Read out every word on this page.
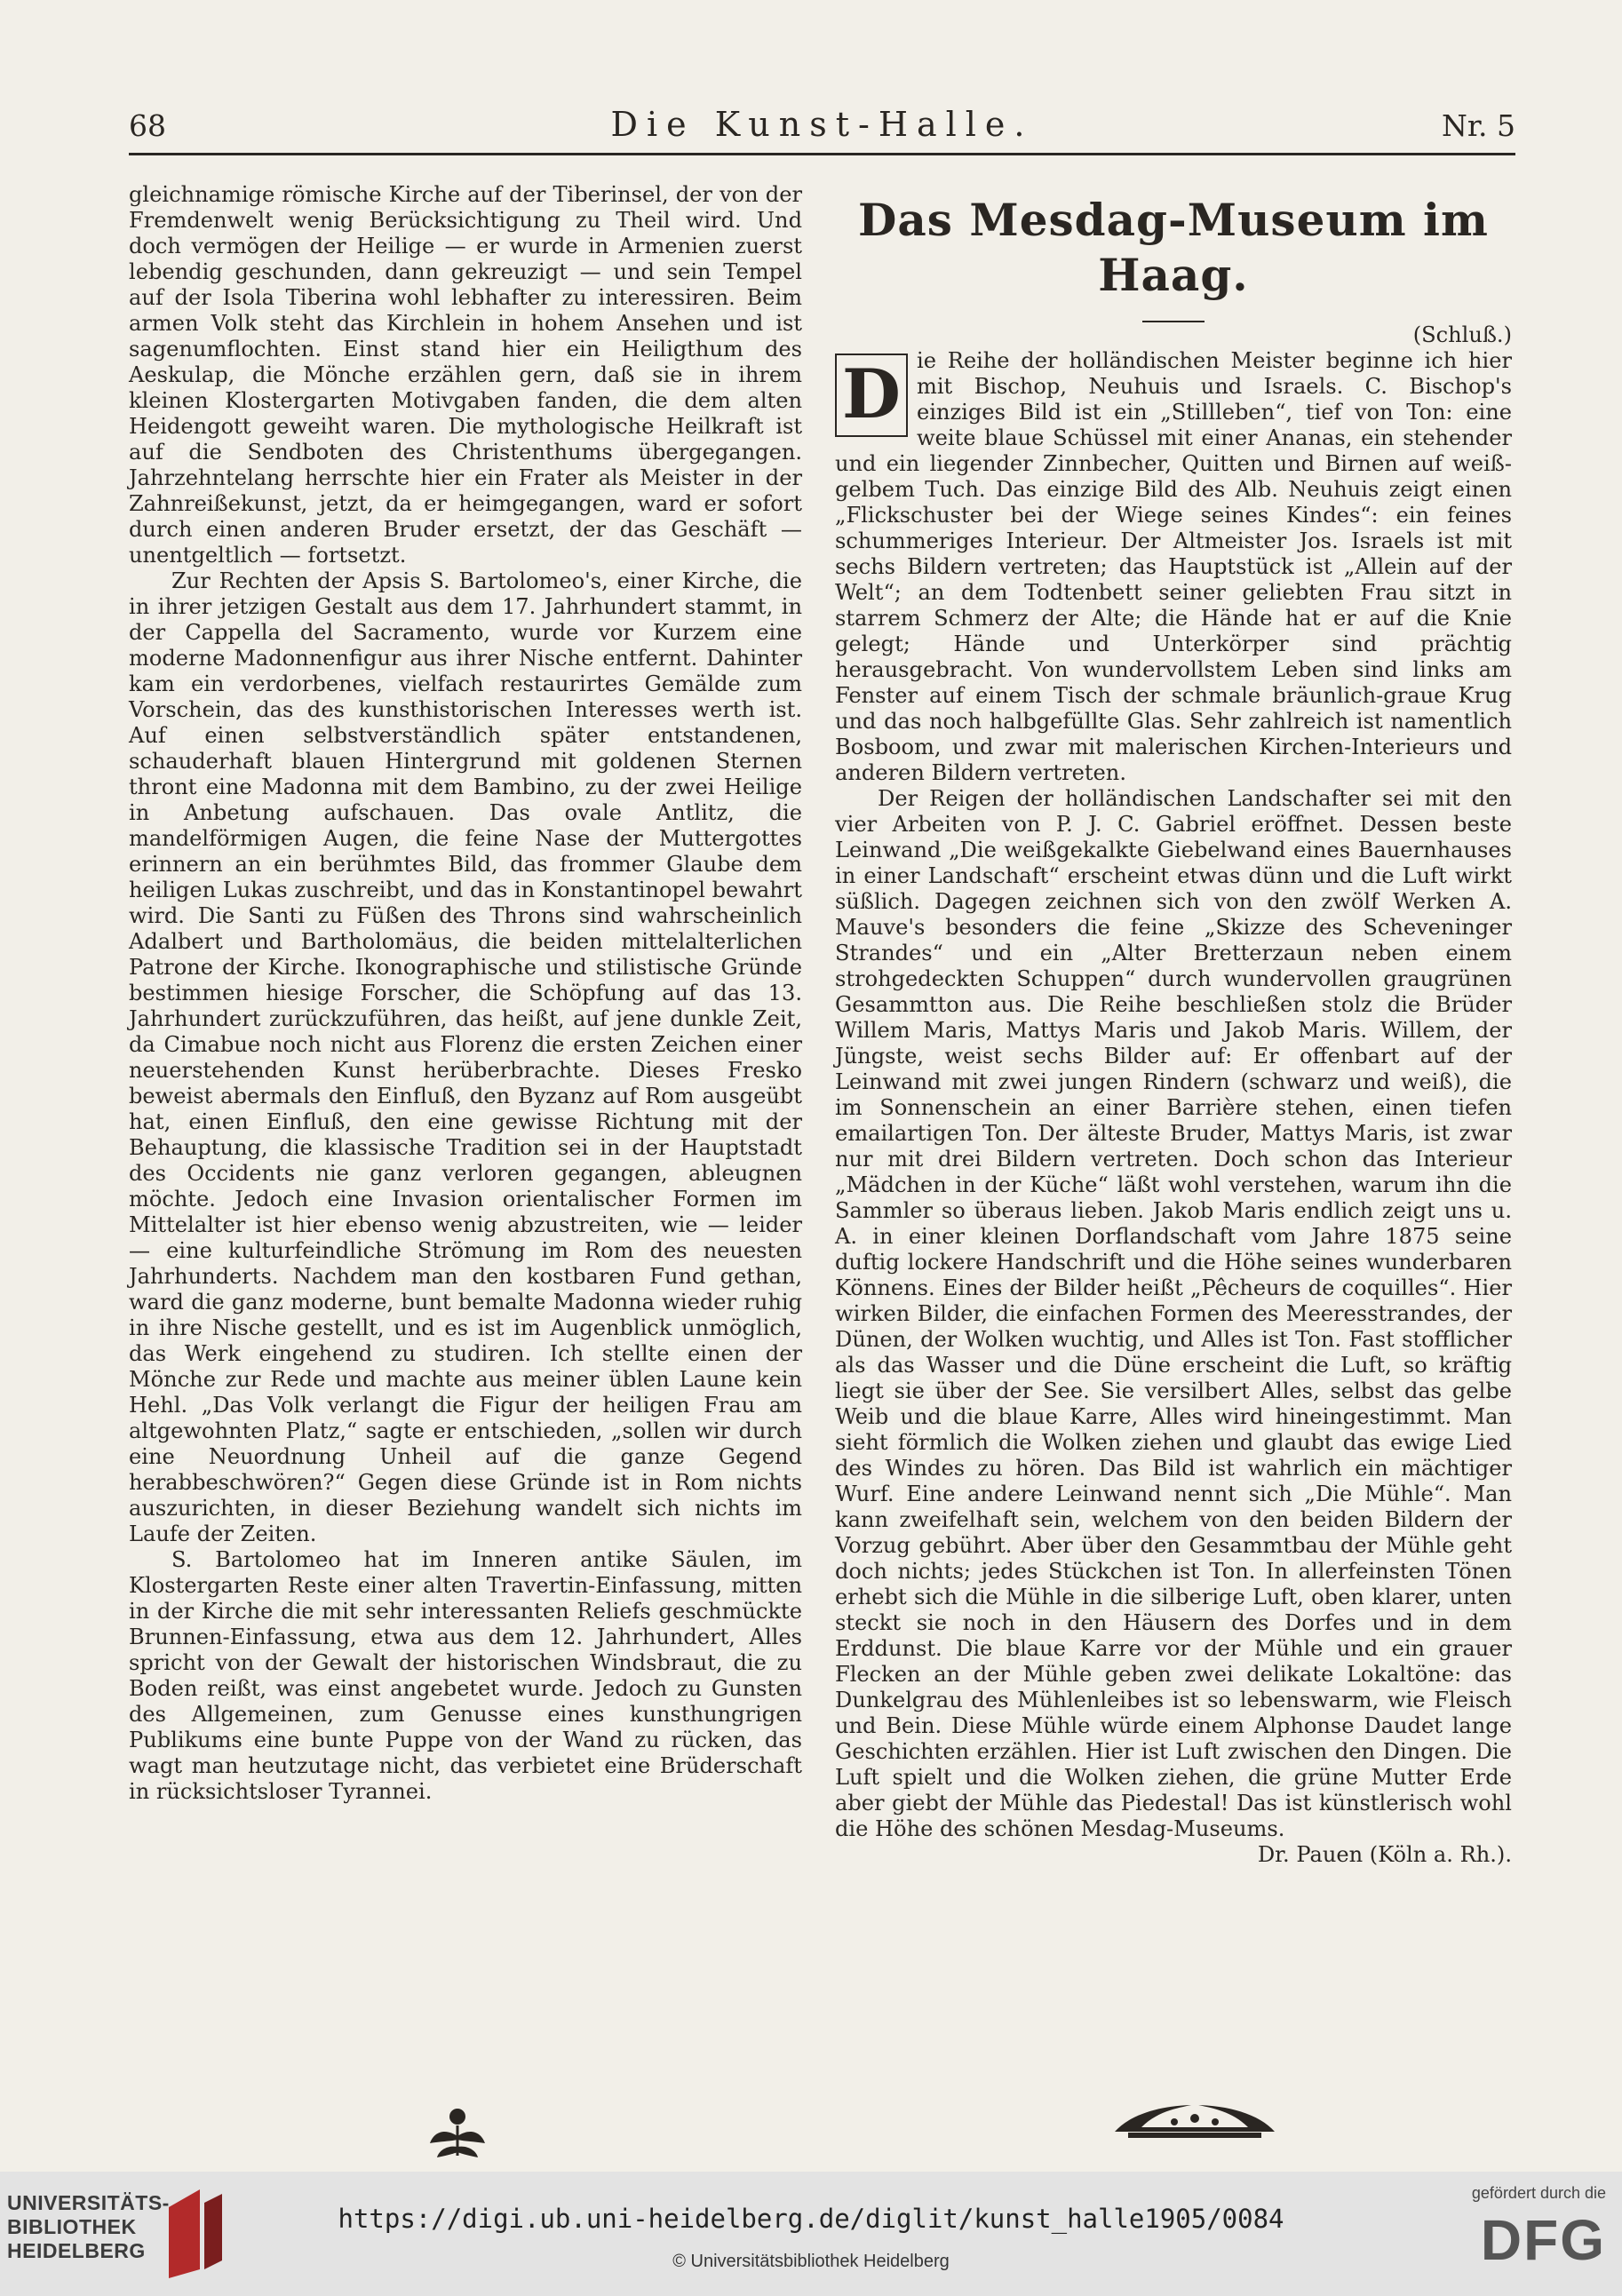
68	Die Kunst-Halle.	Nr. 5

gleichnamige römische Kirche auf der Tiberinsel, der von der Fremdenwelt wenig Berücksichtigung zu Theil wird. Und doch vermögen der Heilige — er wurde in Armenien zuerst lebendig geschunden, dann gekreuzigt — und sein Tempel auf der Isola Tiberina wohl lebhafter zu interessiren. Beim armen Volk steht das Kirchlein in hohem Ansehen und ist sagenumflochten. Einst stand hier ein Heiligthum des Aeskulap, die Mönche erzählen gern, daß sie in ihrem kleinen Klostergarten Motivgaben fanden, die dem alten Heidengott geweiht waren. Die mythologische Heilkraft ist auf die Sendboten des Christenthums übergegangen. Jahrzehntelang herrschte hier ein Frater als Meister in der Zahnreißekunst, jetzt, da er heimgegangen, ward er sofort durch einen anderen Bruder ersetzt, der das Geschäft — unentgeltlich — fortsetzt.

Zur Rechten der Apsis S. Bartolomeo's, einer Kirche, die in ihrer jetzigen Gestalt aus dem 17. Jahrhundert stammt, in der Cappella del Sacramento, wurde vor Kurzem eine moderne Madonnenfigur aus ihrer Nische entfernt. Dahinter kam ein verdorbenes, vielfach restaurirtes Gemälde zum Vorschein, das des kunsthistorischen Interesses werth ist. Auf einen selbstverständlich später entstandenen, schauderhaft blauen Hintergrund mit goldenen Sternen thront eine Madonna mit dem Bambino, zu der zwei Heilige in Anbetung aufschauen. Das ovale Antlitz, die mandelförmigen Augen, die feine Nase der Muttergottes erinnern an ein berühmtes Bild, das frommer Glaube dem heiligen Lukas zuschreibt, und das in Konstantinopel bewahrt wird. Die Santi zu Füßen des Throns sind wahrscheinlich Adalbert und Bartholomäus, die beiden mittelalterlichen Patrone der Kirche. Ikonographische und stilistische Gründe bestimmen hiesige Forscher, die Schöpfung auf das 13. Jahrhundert zurückzuführen, das heißt, auf jene dunkle Zeit, da Cimabue noch nicht aus Florenz die ersten Zeichen einer neuerstehenden Kunst herüberbrachte. Dieses Fresko beweist abermals den Einfluß, den Byzanz auf Rom ausgeübt hat, einen Einfluß, den eine gewisse Richtung mit der Behauptung, die klassische Tradition sei in der Hauptstadt des Occidents nie ganz verloren gegangen, ableugnen möchte. Jedoch eine Invasion orientalischer Formen im Mittelalter ist hier ebenso wenig abzustreiten, wie — leider — eine kulturfeindliche Strömung im Rom des neuesten Jahrhunderts. Nachdem man den kostbaren Fund gethan, ward die ganz moderne, bunt bemalte Madonna wieder ruhig in ihre Nische gestellt, und es ist im Augenblick unmöglich, das Werk eingehend zu studiren. Ich stellte einen der Mönche zur Rede und machte aus meiner üblen Laune kein Hehl. „Das Volk verlangt die Figur der heiligen Frau am altgewohnten Platz,“ sagte er entschieden, „sollen wir durch eine Neuordnung Unheil auf die ganze Gegend herabbeschwören?“ Gegen diese Gründe ist in Rom nichts auszurichten, in dieser Beziehung wandelt sich nichts im Laufe der Zeiten.

S. Bartolomeo hat im Inneren antike Säulen, im Klostergarten Reste einer alten Travertin-Einfassung, mitten in der Kirche die mit sehr interessanten Reliefs geschmückte Brunnen-Einfassung, etwa aus dem 12. Jahrhundert, Alles spricht von der Gewalt der historischen Windsbraut, die zu Boden reißt, was einst angebetet wurde. Jedoch zu Gunsten des Allgemeinen, zum Genusse eines kunsthungrigen Publikums eine bunte Puppe von der Wand zu rücken, das wagt man heutzutage nicht, das verbietet eine Brüderschaft in rücksichtsloser Tyrannei.

Das Mesdag-Museum im Haag.

(Schluß.)

D ie Reihe der holländischen Meister beginne ich hier mit Bischop, Neuhuis und Israels. C. Bischop's einziges Bild ist ein „Stillleben“, tief von Ton: eine weite blaue Schüssel mit einer Ananas, ein stehender und ein liegender Zinnbecher, Quitten und Birnen auf weiß-gelbem Tuch. Das einzige Bild des Alb. Neuhuis zeigt einen „Flickschuster bei der Wiege seines Kindes“: ein feines schummeriges Interieur. Der Altmeister Jos. Israels ist mit sechs Bildern vertreten; das Hauptstück ist „Allein auf der Welt“; an dem Todtenbett seiner geliebten Frau sitzt in starrem Schmerz der Alte; die Hände hat er auf die Knie gelegt; Hände und Unterkörper sind prächtig herausgebracht. Von wundervollstem Leben sind links am Fenster auf einem Tisch der schmale bräunlich-graue Krug und das noch halbgefüllte Glas. Sehr zahlreich ist namentlich Bosboom, und zwar mit malerischen Kirchen-Interieurs und anderen Bildern vertreten.

Der Reigen der holländischen Landschafter sei mit den vier Arbeiten von P. J. C. Gabriel eröffnet. Dessen beste Leinwand „Die weißgekalkte Giebelwand eines Bauernhauses in einer Landschaft“ erscheint etwas dünn und die Luft wirkt süßlich. Dagegen zeichnen sich von den zwölf Werken A. Mauve's besonders die feine „Skizze des Scheveninger Strandes“ und ein „Alter Bretterzaun neben einem strohgedeckten Schuppen“ durch wundervollen graugrünen Gesammtton aus. Die Reihe beschließen stolz die Brüder Willem Maris, Mattys Maris und Jakob Maris. Willem, der Jüngste, weist sechs Bilder auf: Er offenbart auf der Leinwand mit zwei jungen Rindern (schwarz und weiß), die im Sonnenschein an einer Barrière stehen, einen tiefen emailartigen Ton. Der älteste Bruder, Mattys Maris, ist zwar nur mit drei Bildern vertreten. Doch schon das Interieur „Mädchen in der Küche“ läßt wohl verstehen, warum ihn die Sammler so überaus lieben. Jakob Maris endlich zeigt uns u. A. in einer kleinen Dorflandschaft vom Jahre 1875 seine duftig lockere Handschrift und die Höhe seines wunderbaren Könnens. Eines der Bilder heißt „Pêcheurs de coquilles“. Hier wirken Bilder, die einfachen Formen des Meeresstrandes, der Dünen, der Wolken wuchtig, und Alles ist Ton. Fast stofflicher als das Wasser und die Düne erscheint die Luft, so kräftig liegt sie über der See. Sie versilbert Alles, selbst das gelbe Weib und die blaue Karre, Alles wird hineingestimmt. Man sieht förmlich die Wolken ziehen und glaubt das ewige Lied des Windes zu hören. Das Bild ist wahrlich ein mächtiger Wurf. Eine andere Leinwand nennt sich „Die Mühle“. Man kann zweifelhaft sein, welchem von den beiden Bildern der Vorzug gebührt. Aber über den Gesammtbau der Mühle geht doch nichts; jedes Stückchen ist Ton. In allerfeinsten Tönen erhebt sich die Mühle in die silberige Luft, oben klarer, unten steckt sie noch in den Häusern des Dorfes und in dem Erddunst. Die blaue Karre vor der Mühle und ein grauer Flecken an der Mühle geben zwei delikate Lokaltöne: das Dunkelgrau des Mühlenleibes ist so lebenswarm, wie Fleisch und Bein. Diese Mühle würde einem Alphonse Daudet lange Geschichten erzählen. Hier ist Luft zwischen den Dingen. Die Luft spielt und die Wolken ziehen, die grüne Mutter Erde aber giebt der Mühle das Piedestal! Das ist künstlerisch wohl die Höhe des schönen Mesdag-Museums.

Dr. Pauen (Köln a. Rh.).

UNIVERSITÄTS-
BIBLIOTHEK
HEIDELBERG
https://digi.ub.uni-heidelberg.de/diglit/kunst_halle1905/0084
© Universitätsbibliothek Heidelberg
gefördert durch die
DFG
